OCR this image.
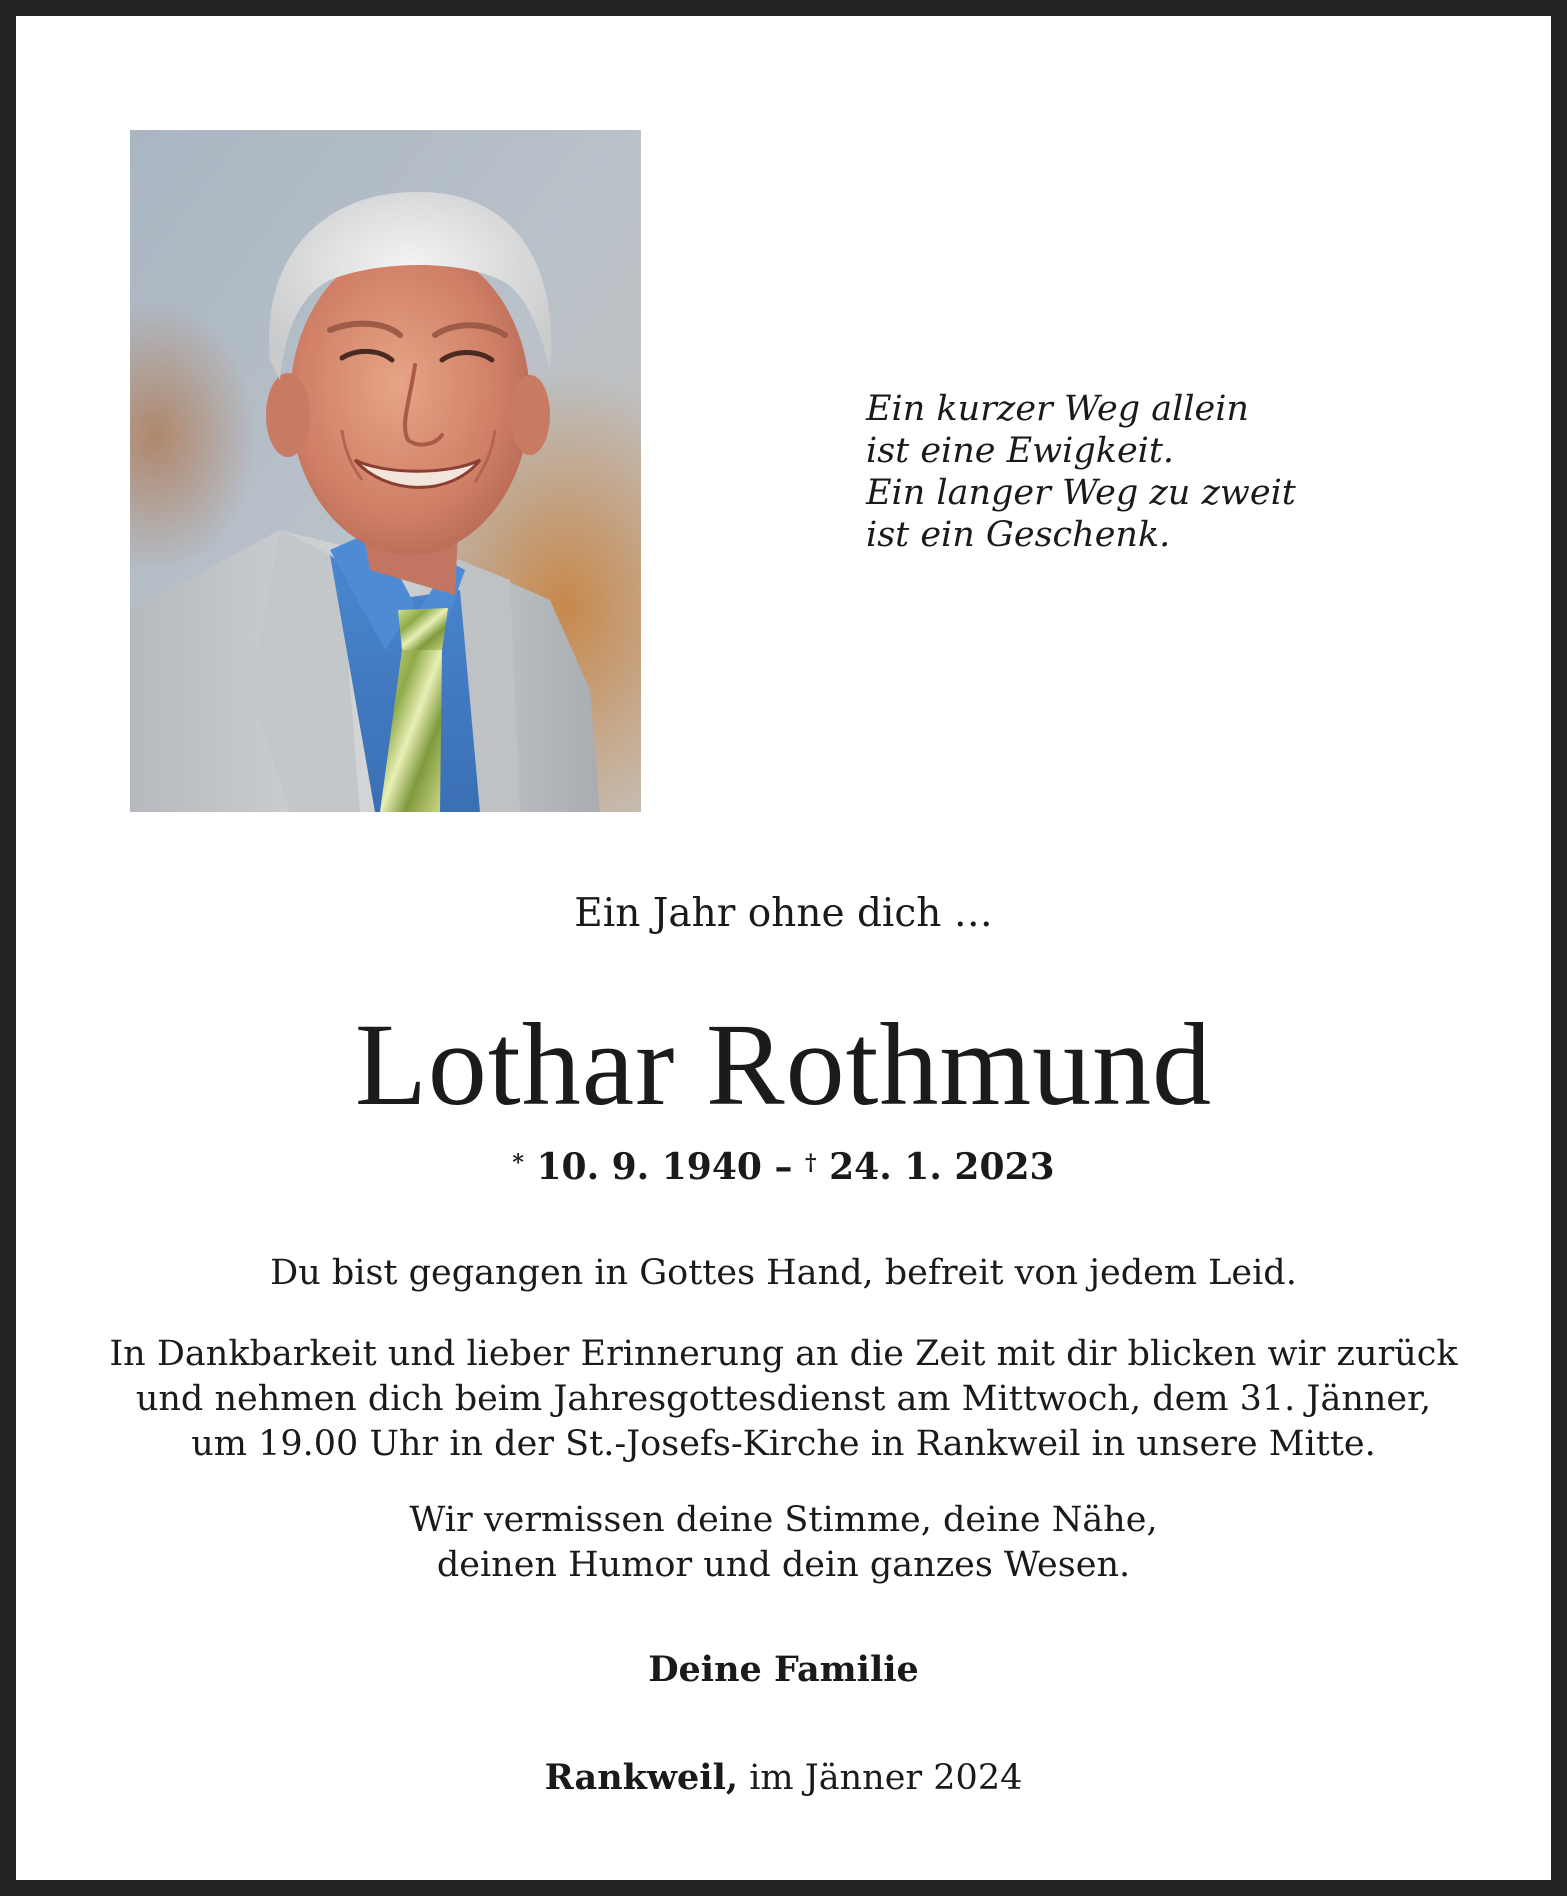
Ein kurzer Weg allein
ist eine Ewigkeit.
Ein langer Weg zu zweit
ist ein Geschenk.
Ein Jahr ohne dich …
Lothar Rothmund
* 10. 9. 1940 – † 24. 1. 2023
Du bist gegangen in Gottes Hand, befreit von jedem Leid.
In Dankbarkeit und lieber Erinnerung an die Zeit mit dir blicken wir zurück
und nehmen dich beim Jahresgottesdienst am Mittwoch, dem 31. Jänner,
um 19.00 Uhr in der St.-Josefs-Kirche in Rankweil in unsere Mitte.
Wir vermissen deine Stimme, deine Nähe,
deinen Humor und dein ganzes Wesen.
Deine Familie
Rankweil, im Jänner 2024
